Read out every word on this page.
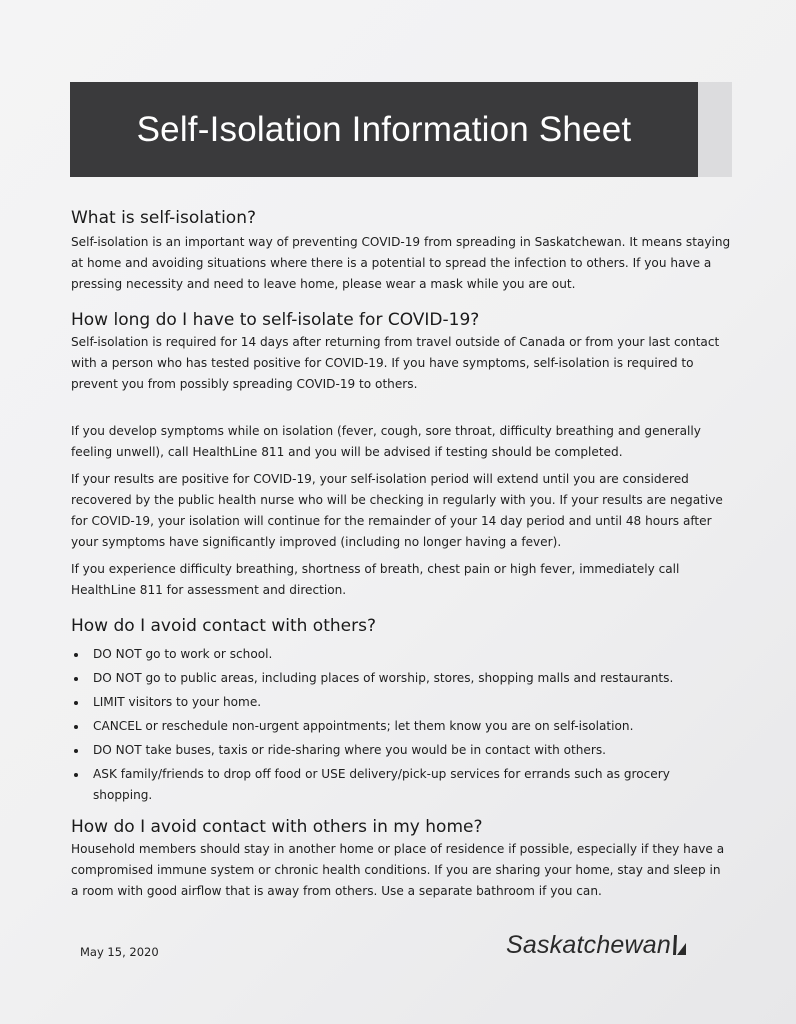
Self-Isolation Information Sheet
What is self-isolation?

Self-isolation is an important way of preventing COVID-19 from spreading in Saskatchewan. It means staying at home and avoiding situations where there is a potential to spread the infection to others. If you have a pressing necessity and need to leave home, please wear a mask while you are out.

How long do I have to self-isolate for COVID-19?

Self-isolation is required for 14 days after returning from travel outside of Canada or from your last contact with a person who has tested positive for COVID-19. If you have symptoms, self-isolation is required to prevent you from possibly spreading COVID-19 to others.

If you develop symptoms while on isolation (fever, cough, sore throat, difficulty breathing and generally feeling unwell), call HealthLine 811 and you will be advised if testing should be completed.

If your results are positive for COVID-19, your self-isolation period will extend until you are considered recovered by the public health nurse who will be checking in regularly with you. If your results are negative for COVID-19, your isolation will continue for the remainder of your 14 day period and until 48 hours after your symptoms have significantly improved (including no longer having a fever).

If you experience difficulty breathing, shortness of breath, chest pain or high fever, immediately call HealthLine 811 for assessment and direction.

How do I avoid contact with others?
DO NOT go to work or school.
DO NOT go to public areas, including places of worship, stores, shopping malls and restaurants.
LIMIT visitors to your home.
CANCEL or reschedule non-urgent appointments; let them know you are on self-isolation.
DO NOT take buses, taxis or ride-sharing where you would be in contact with others.
ASK family/friends to drop off food or USE delivery/pick-up services for errands such as grocery shopping.
How do I avoid contact with others in my home?

Household members should stay in another home or place of residence if possible, especially if they have a compromised immune system or chronic health conditions. If you are sharing your home, stay and sleep in a room with good airflow that is away from others. Use a separate bathroom if you can.

May 15, 2020	Saskatchewan
